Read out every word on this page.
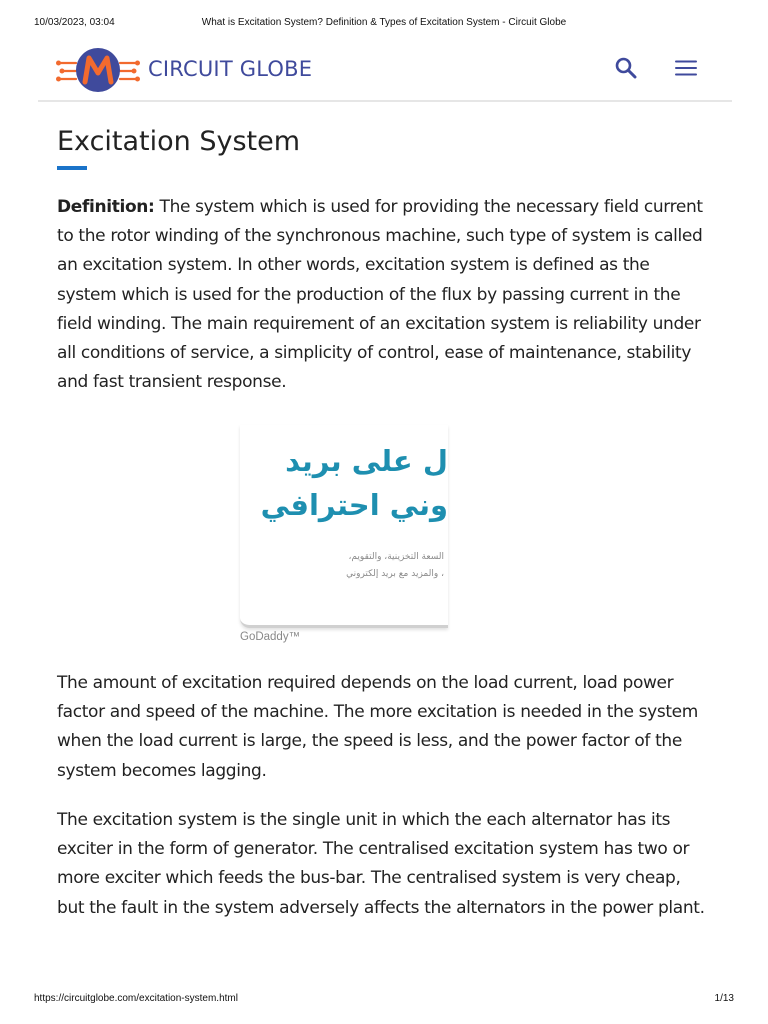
10/03/2023, 03:04	What is Excitation System? Definition & Types of Excitation System - Circuit Globe
CIRCUIT GLOBE
Excitation System

Definition: The system which is used for providing the necessary field current to the rotor winding of the synchronous machine, such type of system is called an excitation system. In other words, excitation system is defined as the system which is used for the production of the flux by passing current in the field winding. The main requirement of an excitation system is reliability under all conditions of service, a simplicity of control, ease of maintenance, stability and fast transient response.

ل على بريد
وني احترافي
السعة التخزينية، والتقويم،
، والمزيد مع بريد إلكتروني
GoDaddy™

The amount of excitation required depends on the load current, load power factor and speed of the machine. The more excitation is needed in the system when the load current is large, the speed is less, and the power factor of the system becomes lagging.

The excitation system is the single unit in which the each alternator has its exciter in the form of generator. The centralised excitation system has two or more exciter which feeds the bus-bar. The centralised system is very cheap, but the fault in the system adversely affects the alternators in the power plant.

https://circuitglobe.com/excitation-system.html	1/13
